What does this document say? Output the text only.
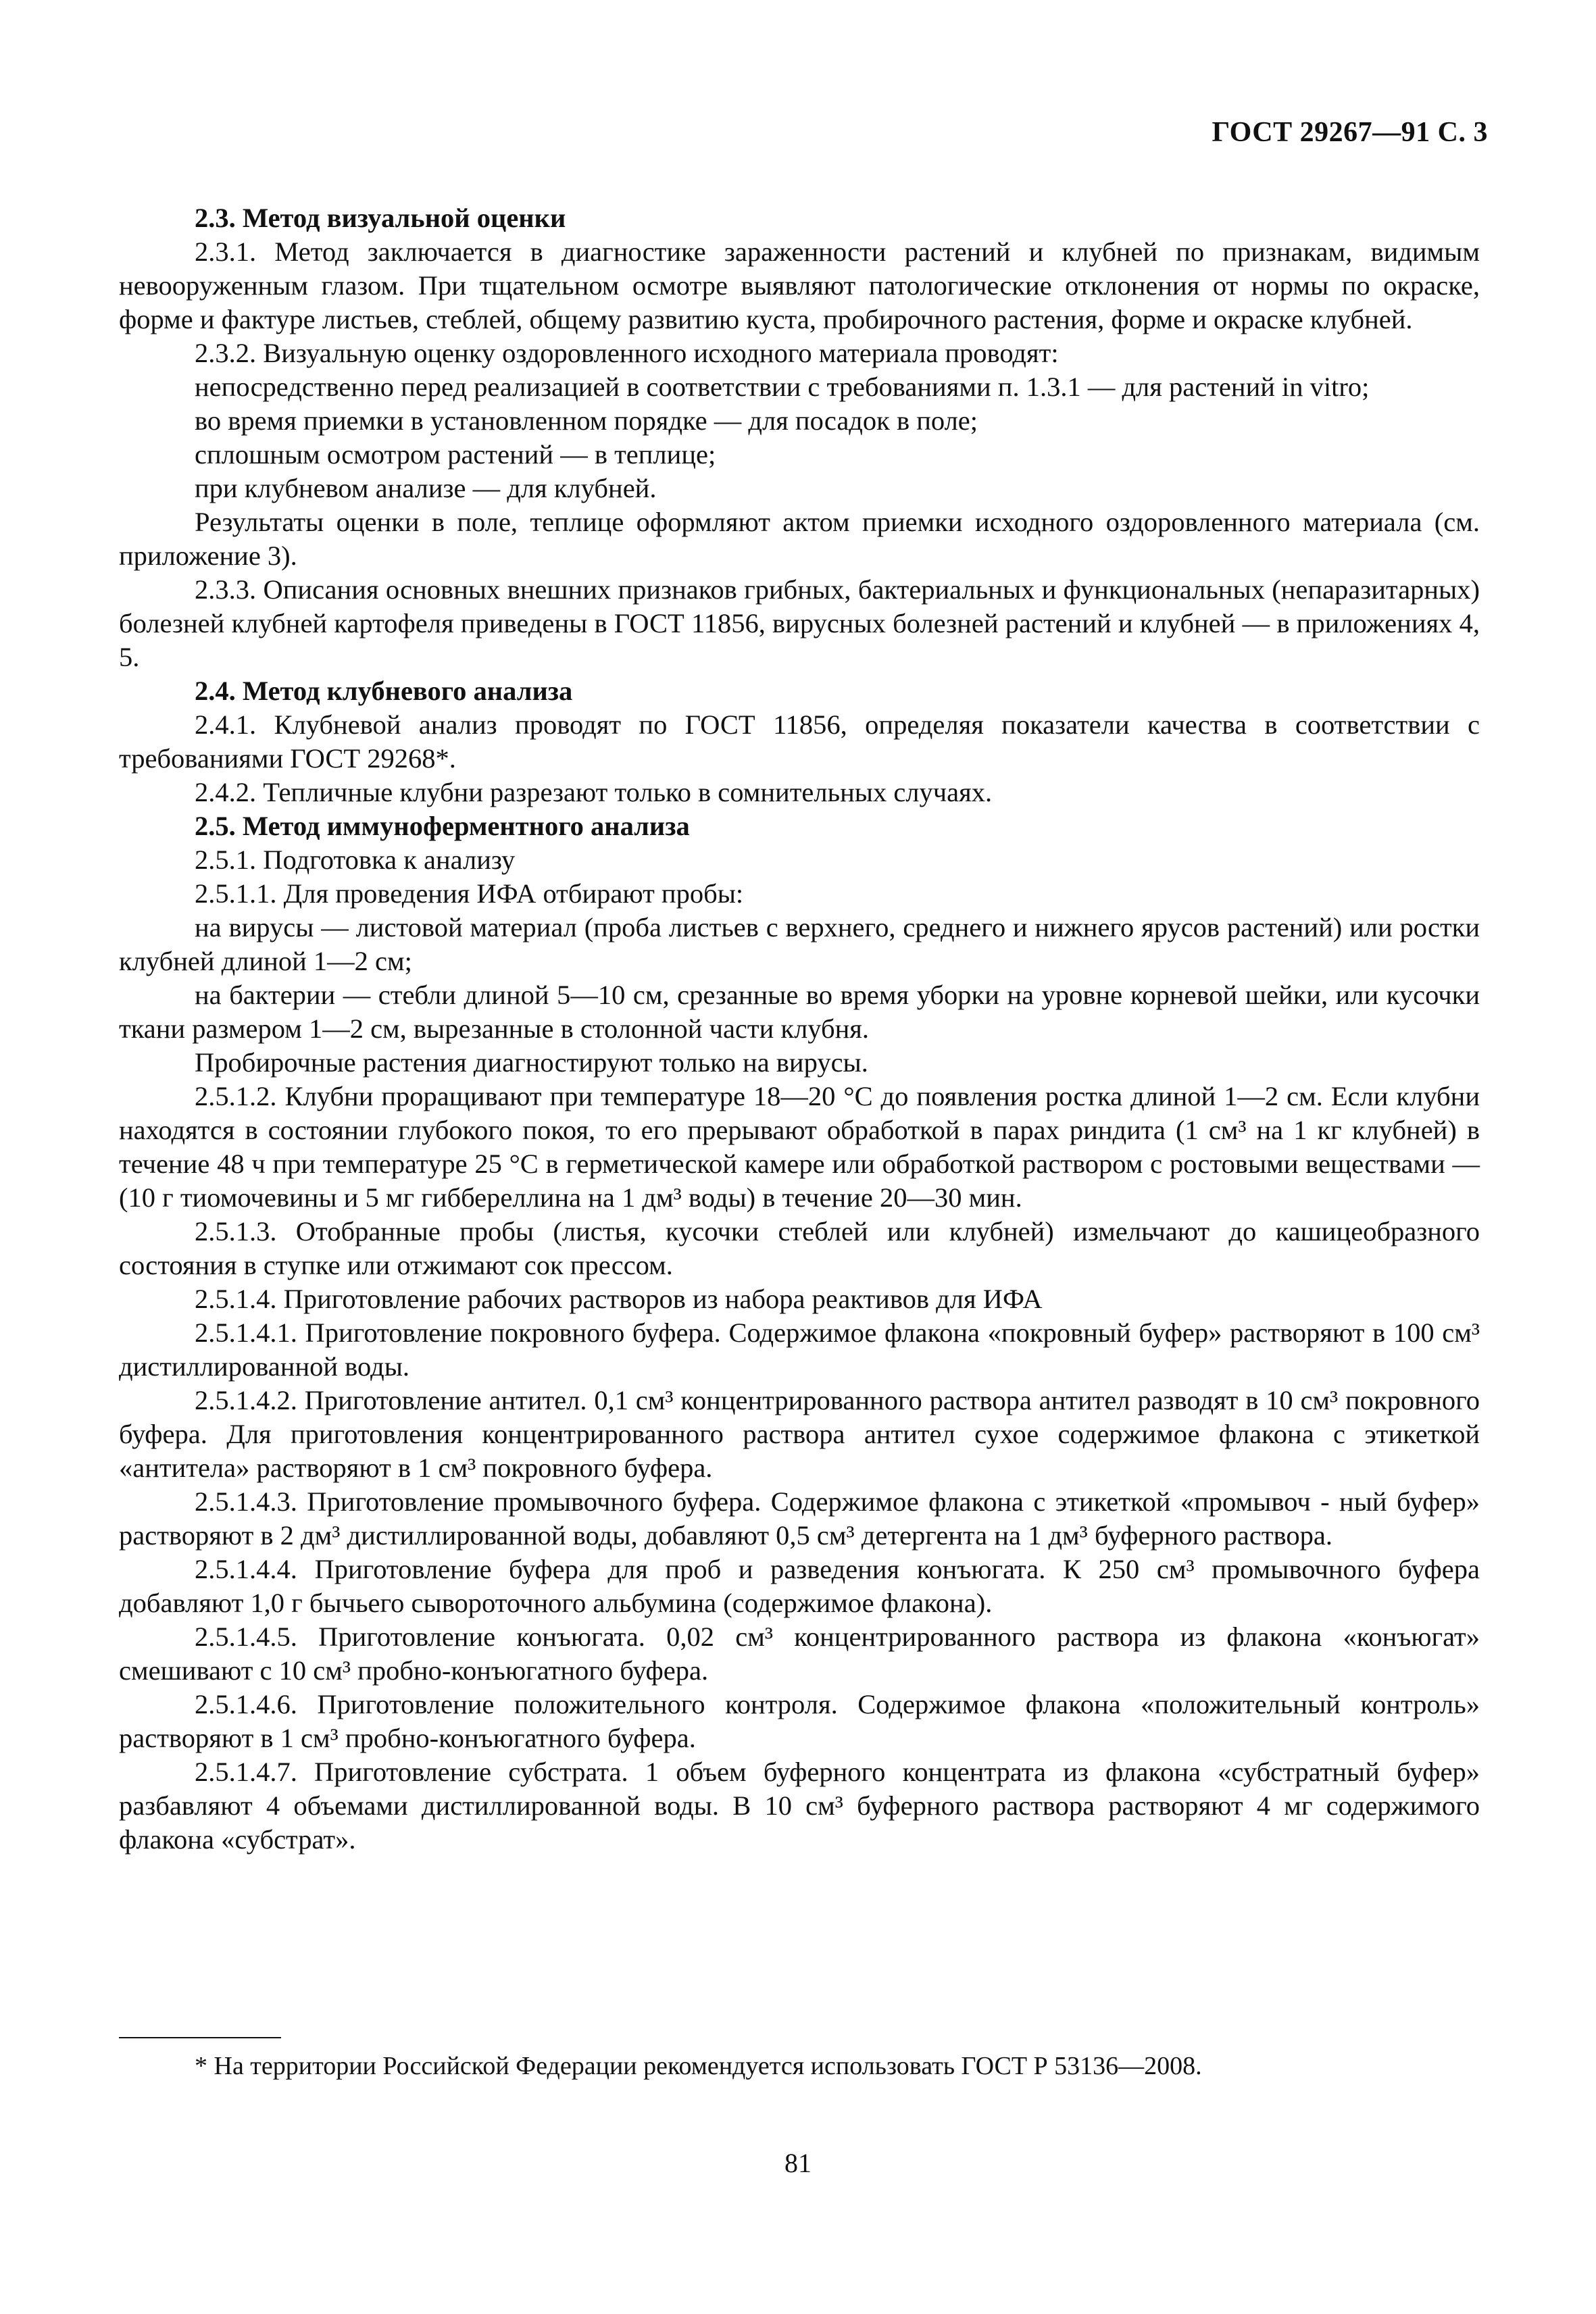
ГОСТ 29267—91 С. 3

2.3. Метод визуальной оценки

2.3.1. Метод заключается в диагностике зараженности растений и клубней по признакам, видимым невооруженным глазом. При тщательном осмотре выявляют патологические отклонения от нормы по окраске, форме и фактуре листьев, стеблей, общему развитию куста, пробирочного растения, форме и окраске клубней.

2.3.2. Визуальную оценку оздоровленного исходного материала проводят:

непосредственно перед реализацией в соответствии с требованиями п. 1.3.1 — для растений in vitro;

во время приемки в установленном порядке — для посадок в поле;

сплошным осмотром растений — в теплице;

при клубневом анализе — для клубней.

Результаты оценки в поле, теплице оформляют актом приемки исходного оздоровленного материала (см. приложение 3).

2.3.3. Описания основных внешних признаков грибных, бактериальных и функциональных (непаразитарных) болезней клубней картофеля приведены в ГОСТ 11856, вирусных болезней растений и клубней — в приложениях 4, 5.

2.4. Метод клубневого анализа

2.4.1. Клубневой анализ проводят по ГОСТ 11856, определяя показатели качества в соответствии с требованиями ГОСТ 29268*.

2.4.2. Тепличные клубни разрезают только в сомнительных случаях.

2.5. Метод иммуноферментного анализа

2.5.1. Подготовка к анализу

2.5.1.1. Для проведения ИФА отбирают пробы:

на вирусы — листовой материал (проба листьев с верхнего, среднего и нижнего ярусов растений) или ростки клубней длиной 1—2 см;

на бактерии — стебли длиной 5—10 см, срезанные во время уборки на уровне корневой шейки, или кусочки ткани размером 1—2 см, вырезанные в столонной части клубня.

Пробирочные растения диагностируют только на вирусы.

2.5.1.2. Клубни проращивают при температуре 18—20 °С до появления ростка длиной 1—2 см. Если клубни находятся в состоянии глубокого покоя, то его прерывают обработкой в парах риндита (1 см³ на 1 кг клубней) в течение 48 ч при температуре 25 °С в герметической камере или обработкой раствором с ростовыми веществами — (10 г тиомочевины и 5 мг гиббереллина на 1 дм³ воды) в течение 20—30 мин.

2.5.1.3. Отобранные пробы (листья, кусочки стеблей или клубней) измельчают до кашицеобразного состояния в ступке или отжимают сок прессом.

2.5.1.4. Приготовление рабочих растворов из набора реактивов для ИФА

2.5.1.4.1. Приготовление покровного буфера. Содержимое флакона «покровный буфер» растворяют в 100 см³ дистиллированной воды.

2.5.1.4.2. Приготовление антител. 0,1 см³ концентрированного раствора антител разводят в 10 см³ покровного буфера. Для приготовления концентрированного раствора антител сухое содержимое флакона с этикеткой «антитела» растворяют в 1 см³ покровного буфера.

2.5.1.4.3. Приготовление промывочного буфера. Содержимое флакона с этикеткой «промывоч - ный буфер» растворяют в 2 дм³ дистиллированной воды, добавляют 0,5 см³ детергента на 1 дм³ буферного раствора.

2.5.1.4.4. Приготовление буфера для проб и разведения конъюгата. К 250 см³ промывочного буфера добавляют 1,0 г бычьего сывороточного альбумина (содержимое флакона).

2.5.1.4.5. Приготовление конъюгата. 0,02 см³ концентрированного раствора из флакона «конъюгат» смешивают с 10 см³ пробно-конъюгатного буфера.

2.5.1.4.6. Приготовление положительного контроля. Содержимое флакона «положительный контроль» растворяют в 1 см³ пробно-конъюгатного буфера.

2.5.1.4.7. Приготовление субстрата. 1 объем буферного концентрата из флакона «субстратный буфер» разбавляют 4 объемами дистиллированной воды. В 10 см³ буферного раствора растворяют 4 мг содержимого флакона «субстрат».

* На территории Российской Федерации рекомендуется использовать ГОСТ Р 53136—2008.
81
